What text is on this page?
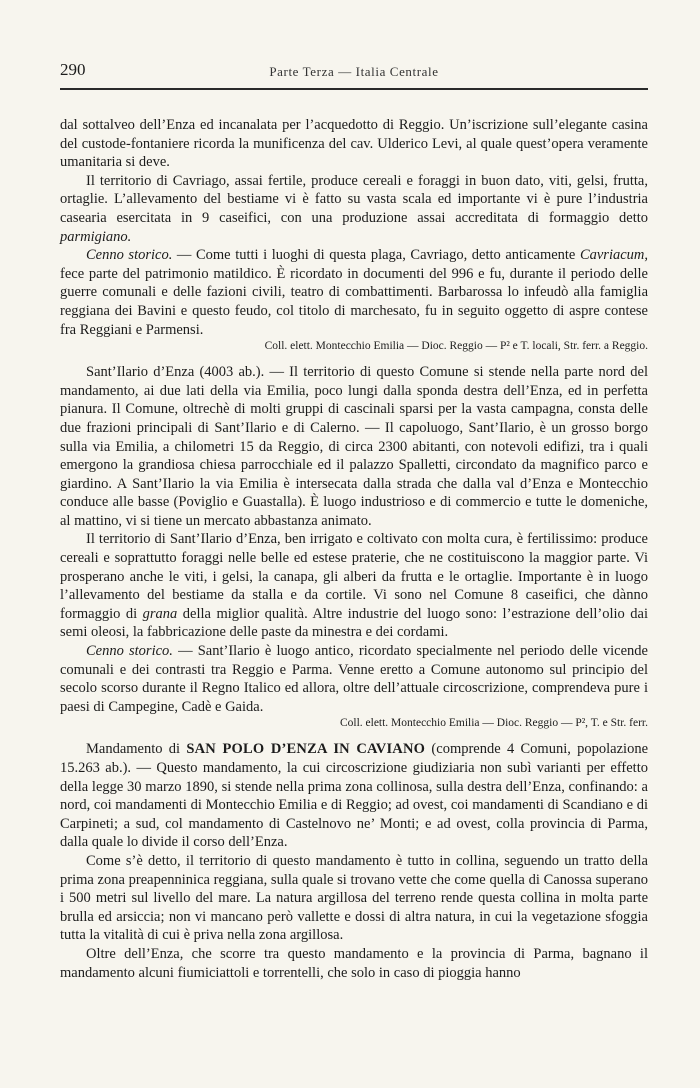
290	Parte Terza — Italia Centrale

dal sottalveo dell’Enza ed incanalata per l’acquedotto di Reggio. Un’iscrizione sull’elegante casina del custode-fontaniere ricorda la munificenza del cav. Ulderico Levi, al quale quest’opera veramente umanitaria si deve.

Il territorio di Cavriago, assai fertile, produce cereali e foraggi in buon dato, viti, gelsi, frutta, ortaglie. L’allevamento del bestiame vi è fatto su vasta scala ed importante vi è pure l’industria casearia esercitata in 9 caseifici, con una produzione assai accreditata di formaggio detto parmigiano.

Cenno storico. — Come tutti i luoghi di questa plaga, Cavriago, detto anticamente Cavriacum, fece parte del patrimonio matildico. È ricordato in documenti del 996 e fu, durante il periodo delle guerre comunali e delle fazioni civili, teatro di combattimenti. Barbarossa lo infeudò alla famiglia reggiana dei Bavini e questo feudo, col titolo di marchesato, fu in seguito oggetto di aspre contese fra Reggiani e Parmensi.

Coll. elett. Montecchio Emilia — Dioc. Reggio — P² e T. locali, Str. ferr. a Reggio.

Sant’Ilario d’Enza (4003 ab.). — Il territorio di questo Comune si stende nella parte nord del mandamento, ai due lati della via Emilia, poco lungi dalla sponda destra dell’Enza, ed in perfetta pianura. Il Comune, oltrechè di molti gruppi di cascinali sparsi per la vasta campagna, consta delle due frazioni principali di Sant’Ilario e di Calerno. — Il capoluogo, Sant’Ilario, è un grosso borgo sulla via Emilia, a chilometri 15 da Reggio, di circa 2300 abitanti, con notevoli edifizi, tra i quali emergono la grandiosa chiesa parrocchiale ed il palazzo Spalletti, circondato da magnifico parco e giardino. A Sant’Ilario la via Emilia è intersecata dalla strada che dalla val d’Enza e Montecchio conduce alle basse (Poviglio e Guastalla). È luogo industrioso e di commercio e tutte le domeniche, al mattino, vi si tiene un mercato abbastanza animato.

Il territorio di Sant’Ilario d’Enza, ben irrigato e coltivato con molta cura, è fertilissimo: produce cereali e soprattutto foraggi nelle belle ed estese praterie, che ne costituiscono la maggior parte. Vi prosperano anche le viti, i gelsi, la canapa, gli alberi da frutta e le ortaglie. Importante è in luogo l’allevamento del bestiame da stalla e da cortile. Vi sono nel Comune 8 caseifici, che dànno formaggio di grana della miglior qualità. Altre industrie del luogo sono: l’estrazione dell’olio dai semi oleosi, la fabbricazione delle paste da minestra e dei cordami.

Cenno storico. — Sant’Ilario è luogo antico, ricordato specialmente nel periodo delle vicende comunali e dei contrasti tra Reggio e Parma. Venne eretto a Comune autonomo sul principio del secolo scorso durante il Regno Italico ed allora, oltre dell’attuale circoscrizione, comprendeva pure i paesi di Campegine, Cadè e Gaida.

Coll. elett. Montecchio Emilia — Dioc. Reggio — P², T. e Str. ferr.

Mandamento di SAN POLO D’ENZA IN CAVIANO (comprende 4 Comuni, popolazione 15.263 ab.). — Questo mandamento, la cui circoscrizione giudiziaria non subì varianti per effetto della legge 30 marzo 1890, si stende nella prima zona collinosa, sulla destra dell’Enza, confinando: a nord, coi mandamenti di Montecchio Emilia e di Reggio; ad ovest, coi mandamenti di Scandiano e di Carpineti; a sud, col mandamento di Castelnovo ne’ Monti; e ad ovest, colla provincia di Parma, dalla quale lo divide il corso dell’Enza.

Come s’è detto, il territorio di questo mandamento è tutto in collina, seguendo un tratto della prima zona preapenninica reggiana, sulla quale si trovano vette che come quella di Canossa superano i 500 metri sul livello del mare. La natura argillosa del terreno rende questa collina in molta parte brulla ed arsiccia; non vi mancano però vallette e dossi di altra natura, in cui la vegetazione sfoggia tutta la vitalità di cui è priva nella zona argillosa.

Oltre dell’Enza, che scorre tra questo mandamento e la provincia di Parma, bagnano il mandamento alcuni fiumiciattoli e torrentelli, che solo in caso di pioggia hanno
